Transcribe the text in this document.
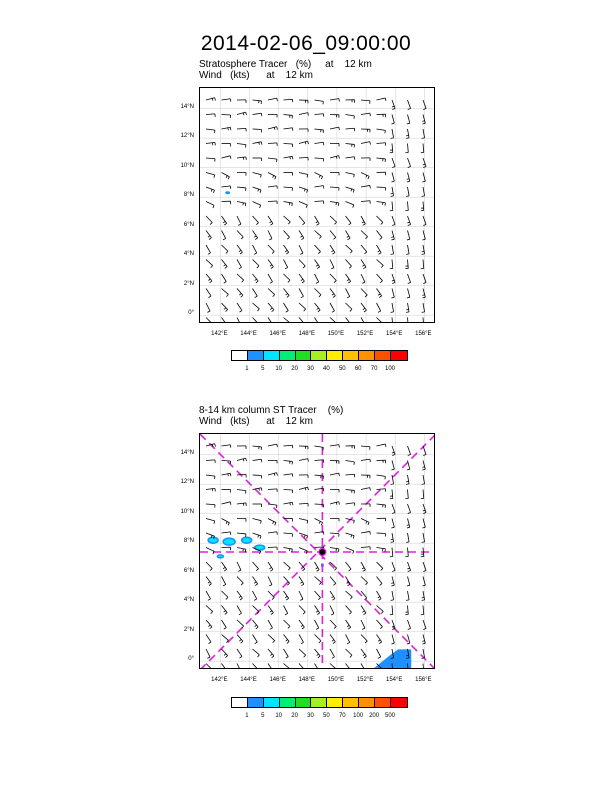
2014-02-06_09:00:00
Stratosphere Tracer   (%)     at    12 km
Wind   (kts)      at    12 km
14°N
12°N
10°N
8°N
6°N
4°N
2°N
0°
142°E	144°E	146°E	148°E	150°E	152°E	154°E	156°E
1	5	10	20	30	40	50	60	70	100
8-14 km column ST Tracer    (%)
Wind   (kts)      at    12 km
14°N
12°N
10°N
8°N
6°N
4°N
2°N
0°
142°E	144°E	146°E	148°E	150°E	152°E	154°E	156°E
1	5	10	20	30	50	70	100 200 500
